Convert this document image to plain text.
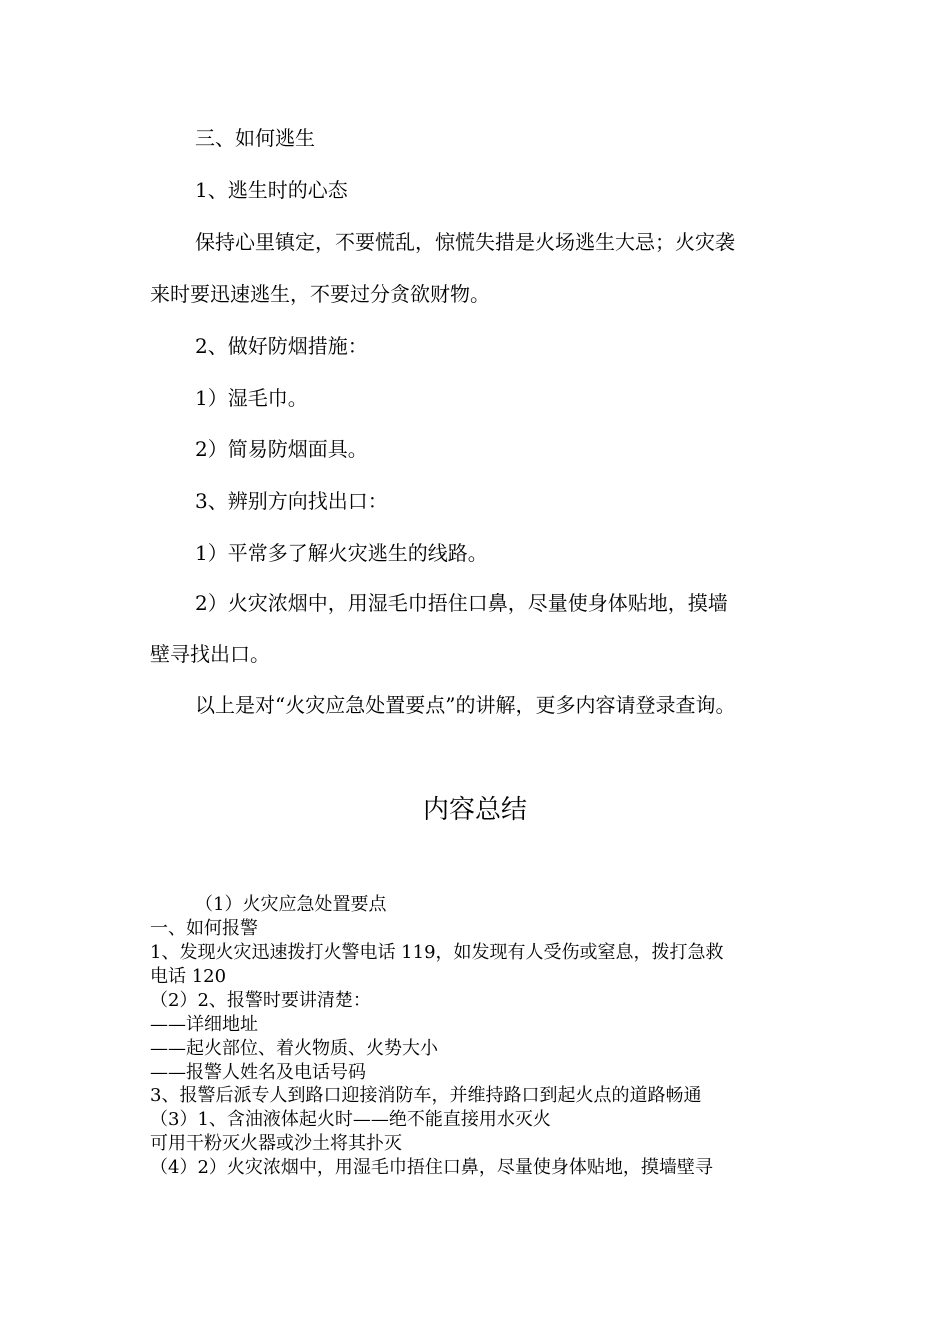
三、如何逃生

1、逃生时的心态

保持心里镇定，不要慌乱，惊慌失措是火场逃生大忌；火灾袭

来时要迅速逃生，不要过分贪欲财物。

2、做好防烟措施：

1）湿毛巾。

2）简易防烟面具。

3、辨别方向找出口：

1）平常多了解火灾逃生的线路。

2）火灾浓烟中，用湿毛巾捂住口鼻，尽量使身体贴地，摸墙

壁寻找出口。

以上是对“火灾应急处置要点”的讲解，更多内容请登录查询。

内容总结

（1）火灾应急处置要点

一、如何报警

1、发现火灾迅速拨打火警电话 119，如发现有人受伤或窒息，拨打急救

电话 120

（2）2、报警时要讲清楚：

——详细地址

——起火部位、着火物质、火势大小

——报警人姓名及电话号码

3、报警后派专人到路口迎接消防车，并维持路口到起火点的道路畅通

（3）1、含油液体起火时——绝不能直接用水灭火

可用干粉灭火器或沙土将其扑灭

（4）2）火灾浓烟中，用湿毛巾捂住口鼻，尽量使身体贴地，摸墙壁寻
